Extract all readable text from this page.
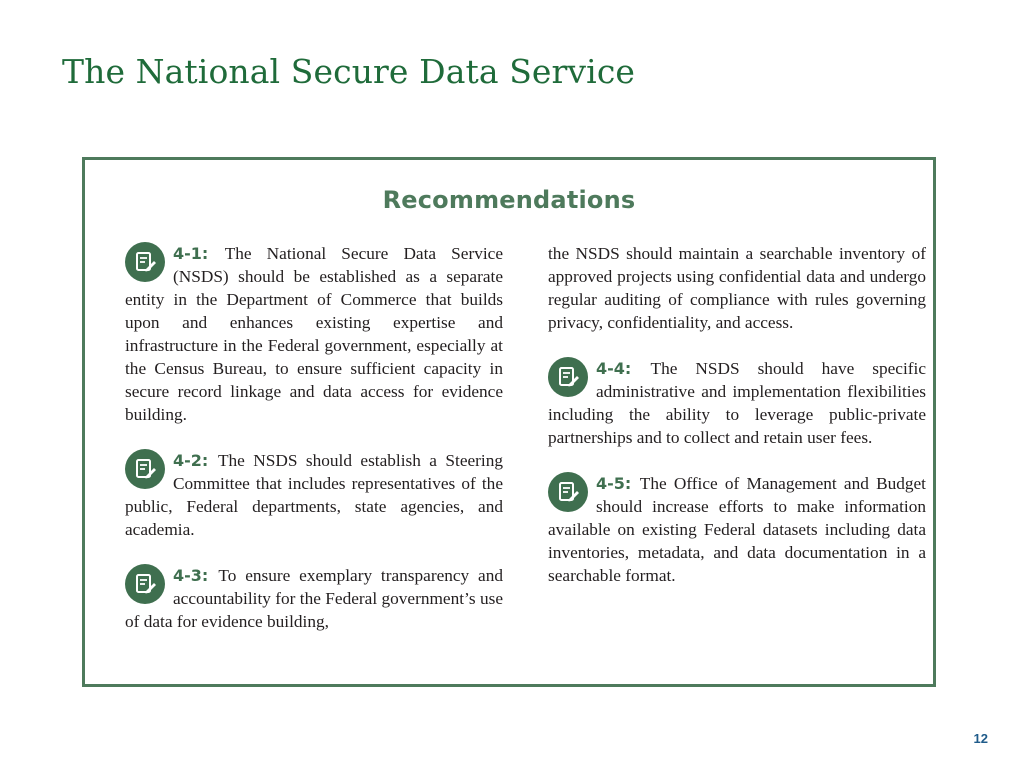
The National Secure Data Service
Recommendations

4-1: The National Secure Data Service (NSDS) should be established as a separate entity in the Department of Commerce that builds upon and enhances existing expertise and infrastructure in the Federal government, especially at the Census Bureau, to ensure sufficient capacity in secure record linkage and data access for evidence building.

4-2: The NSDS should establish a Steering Committee that includes representatives of the public, Federal departments, state agencies, and academia.

4-3: To ensure exemplary transparency and accountability for the Federal government’s use of data for evidence building,

the NSDS should maintain a searchable inventory of approved projects using confidential data and undergo regular auditing of compliance with rules governing privacy, confidentiality, and access.

4-4: The NSDS should have specific administrative and implementation flexibilities including the ability to leverage public-private partnerships and to collect and retain user fees.

4-5: The Office of Management and Budget should increase efforts to make information available on existing Federal datasets including data inventories, metadata, and data documentation in a searchable format.

12
